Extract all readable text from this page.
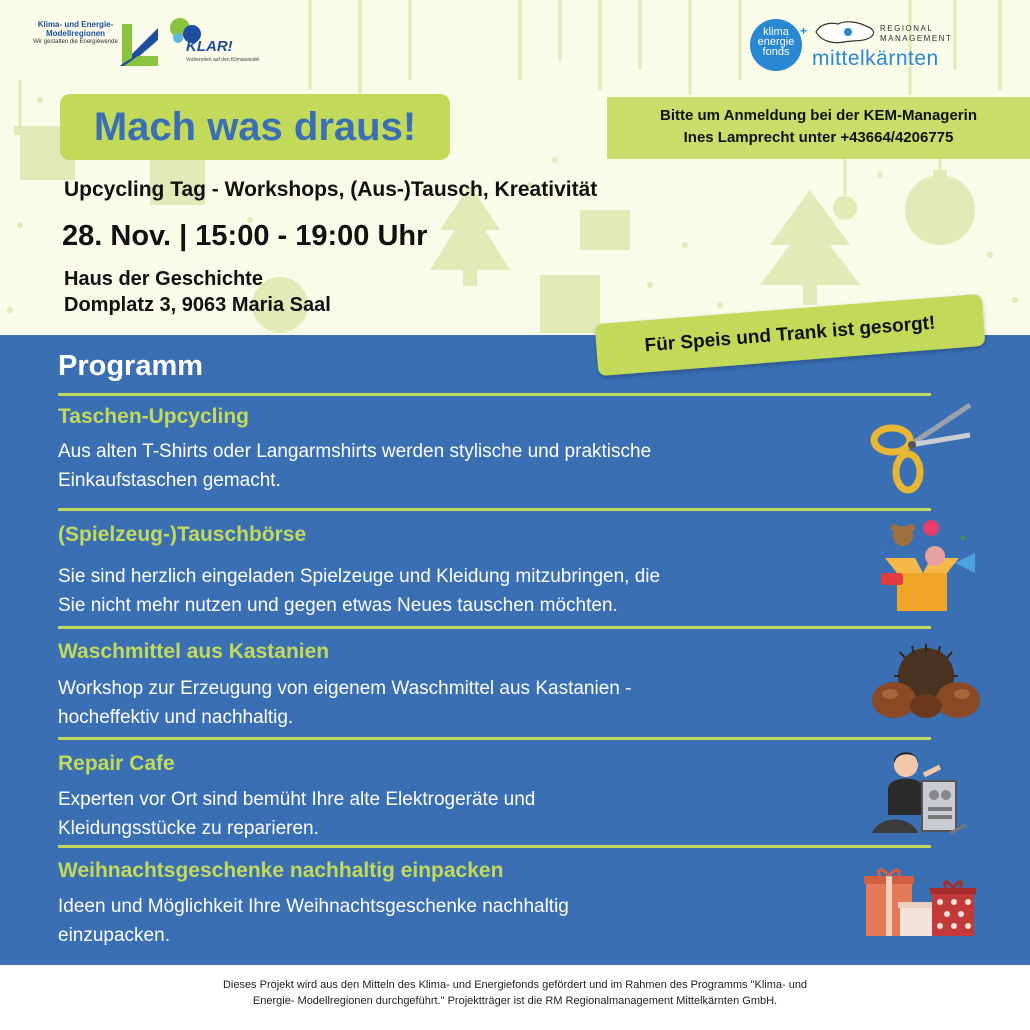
Klima- und Energie-
Modellregionen
Wir gestalten die Energiewende	KLAR!
Vorbereiten auf den Klimawandel
klima
energie
fonds
+	REGIONAL
MANAGEMENT
mittelkärnten
Mach was draus!	Bitte um Anmeldung bei der KEM-Managerin
Ines Lamprecht unter +43664/4206775
Upcycling Tag - Workshops, (Aus-)Tausch, Kreativität
28. Nov. | 15:00 - 19:00 Uhr
Haus der Geschichte
Domplatz 3, 9063 Maria Saal
Für Speis und Trank ist gesorgt!
Programm
Taschen-Upcycling
Aus alten T-Shirts oder Langarmshirts werden stylische und praktische
Einkaufstaschen gemacht.
(Spielzeug-)Tauschbörse
Sie sind herzlich eingeladen Spielzeuge und Kleidung mitzubringen, die
Sie nicht mehr nutzen und gegen etwas Neues tauschen möchten.
Waschmittel aus Kastanien
Workshop zur Erzeugung von eigenem Waschmittel aus Kastanien -
hocheffektiv und nachhaltig.
Repair Cafe
Experten vor Ort sind bemüht Ihre alte Elektrogeräte und
Kleidungsstücke zu reparieren.
Weihnachtsgeschenke nachhaltig einpacken
Ideen und Möglichkeit Ihre Weihnachtsgeschenke nachhaltig
einzupacken.
Dieses Projekt wird aus den Mitteln des Klima- und Energiefonds gefördert und im Rahmen des Programms "Klima- und
Energie- Modellregionen durchgeführt." Projektträger ist die RM Regionalmanagement Mittelkärnten GmbH.
